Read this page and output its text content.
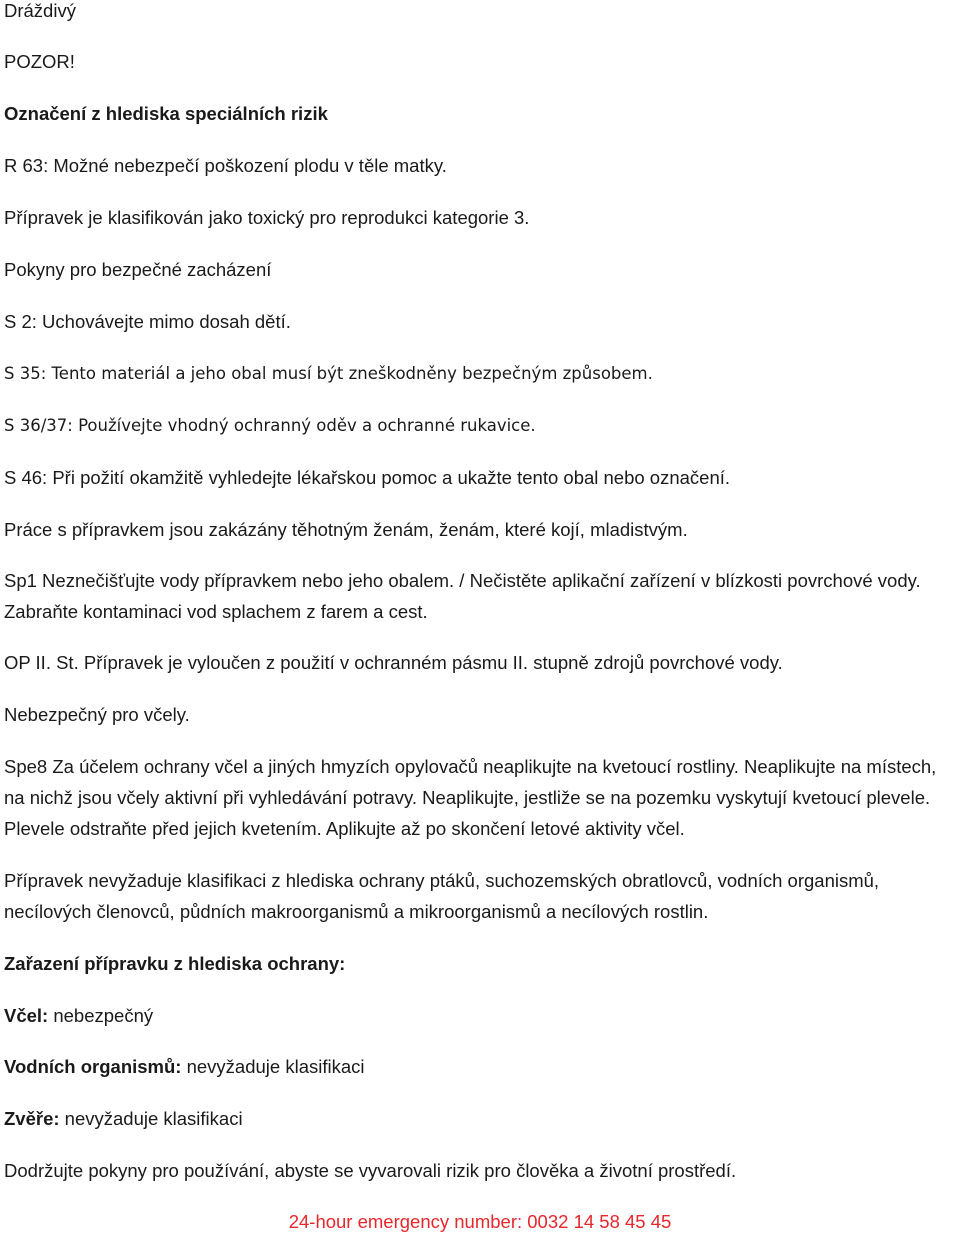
Dráždivý

POZOR!

Označení z hlediska speciálních rizik

R 63: Možné nebezpečí poškození plodu v těle matky.

Přípravek je klasifikován jako toxický pro reprodukci kategorie 3.

Pokyny pro bezpečné zacházení

S 2: Uchovávejte mimo dosah dětí.

S 35: Tento materiál a jeho obal musí být zneškodněny bezpečným způsobem.

S 36/37: Používejte vhodný ochranný oděv a ochranné rukavice.

S 46: Při požití okamžitě vyhledejte lékařskou pomoc a ukažte tento obal nebo označení.

Práce s přípravkem jsou zakázány těhotným ženám, ženám, které kojí, mladistvým.

Sp1 Neznečišťujte vody přípravkem nebo jeho obalem. / Nečistěte aplikační zařízení v blízkosti povrchové vody. Zabraňte kontaminaci vod splachem z farem a cest.

OP II. St. Přípravek je vyloučen z použití v ochranném pásmu II. stupně zdrojů povrchové vody.

Nebezpečný pro včely.

Spe8 Za účelem ochrany včel a jiných hmyzích opylovačů neaplikujte na kvetoucí rostliny. Neaplikujte na místech, na nichž jsou včely aktivní při vyhledávání potravy. Neaplikujte, jestliže se na pozemku vyskytují kvetoucí plevele. Plevele odstraňte před jejich kvetením. Aplikujte až po skončení letové aktivity včel.

Přípravek nevyžaduje klasifikaci z hlediska ochrany ptáků, suchozemských obratlovců, vodních organismů, necílových členovců, půdních makroorganismů a mikroorganismů a necílových rostlin.

Zařazení přípravku z hlediska ochrany:

Včel: nebezpečný

Vodních organismů: nevyžaduje klasifikaci

Zvěře: nevyžaduje klasifikaci

Dodržujte pokyny pro používání, abyste se vyvarovali rizik pro člověka a životní prostředí.

24-hour emergency number: 0032 14 58 45 45
